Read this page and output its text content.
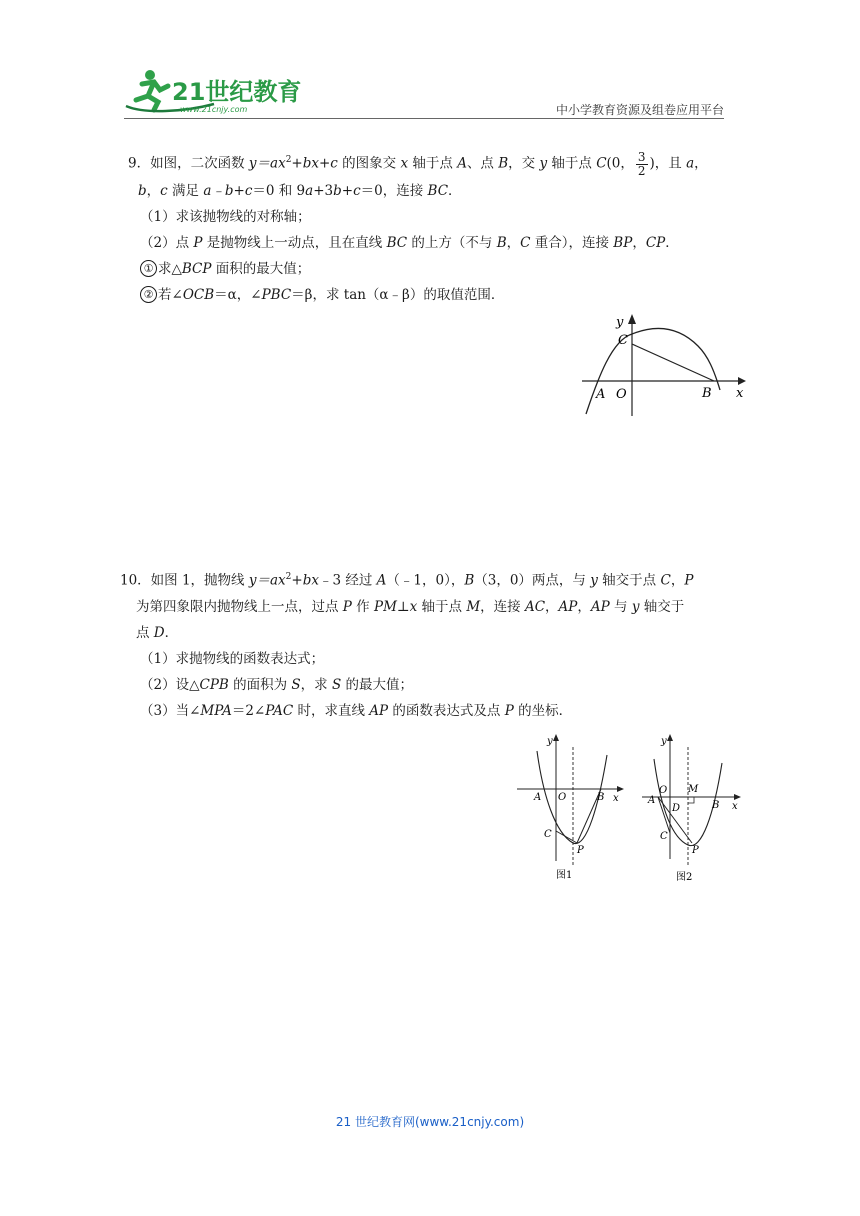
21世纪教育
www.21cnjy.com	中小学教育资源及组卷应用平台

9．如图，二次函数 $y=ax^2+bx+c$ 的图象交 x 轴于点 A、点 B，交 y 轴于点 C(0， $\frac{3}{2}$ )，且 a，

b，c 满足 a﹣b+c＝0 和 9a+3b+c＝0，连接 BC．

（1）求该抛物线的对称轴；

（2）点 P 是抛物线上一动点，且在直线 BC 的上方（不与 B，C 重合），连接 BP，CP．

① 求△BCP 面积的最大值；

② 若∠OCB＝α，∠PBC＝β，求 tan（α﹣β）的取值范围．

y
x
C
A O	B

10．如图 1，抛物线 $y=ax^2+bx﹣3$ 经过 A（﹣1，0），B（3，0）两点，与 y 轴交于点 C，P

为第四象限内抛物线上一点，过点 P 作 PM⊥x 轴于点 M，连接 AC，AP，AP 与 y 轴交于

点 D．

（1）求抛物线的函数表达式；

（2）设△CPB 的面积为 S，求 S 的最大值；

（3）当∠MPA＝2∠PAC 时，求直线 AP 的函数表达式及点 P 的坐标．

y
x
A O	B
C
P
图1
y
x
O M
A
D	B
C
P
图2
21 世纪教育网(www.21cnjy.com)
